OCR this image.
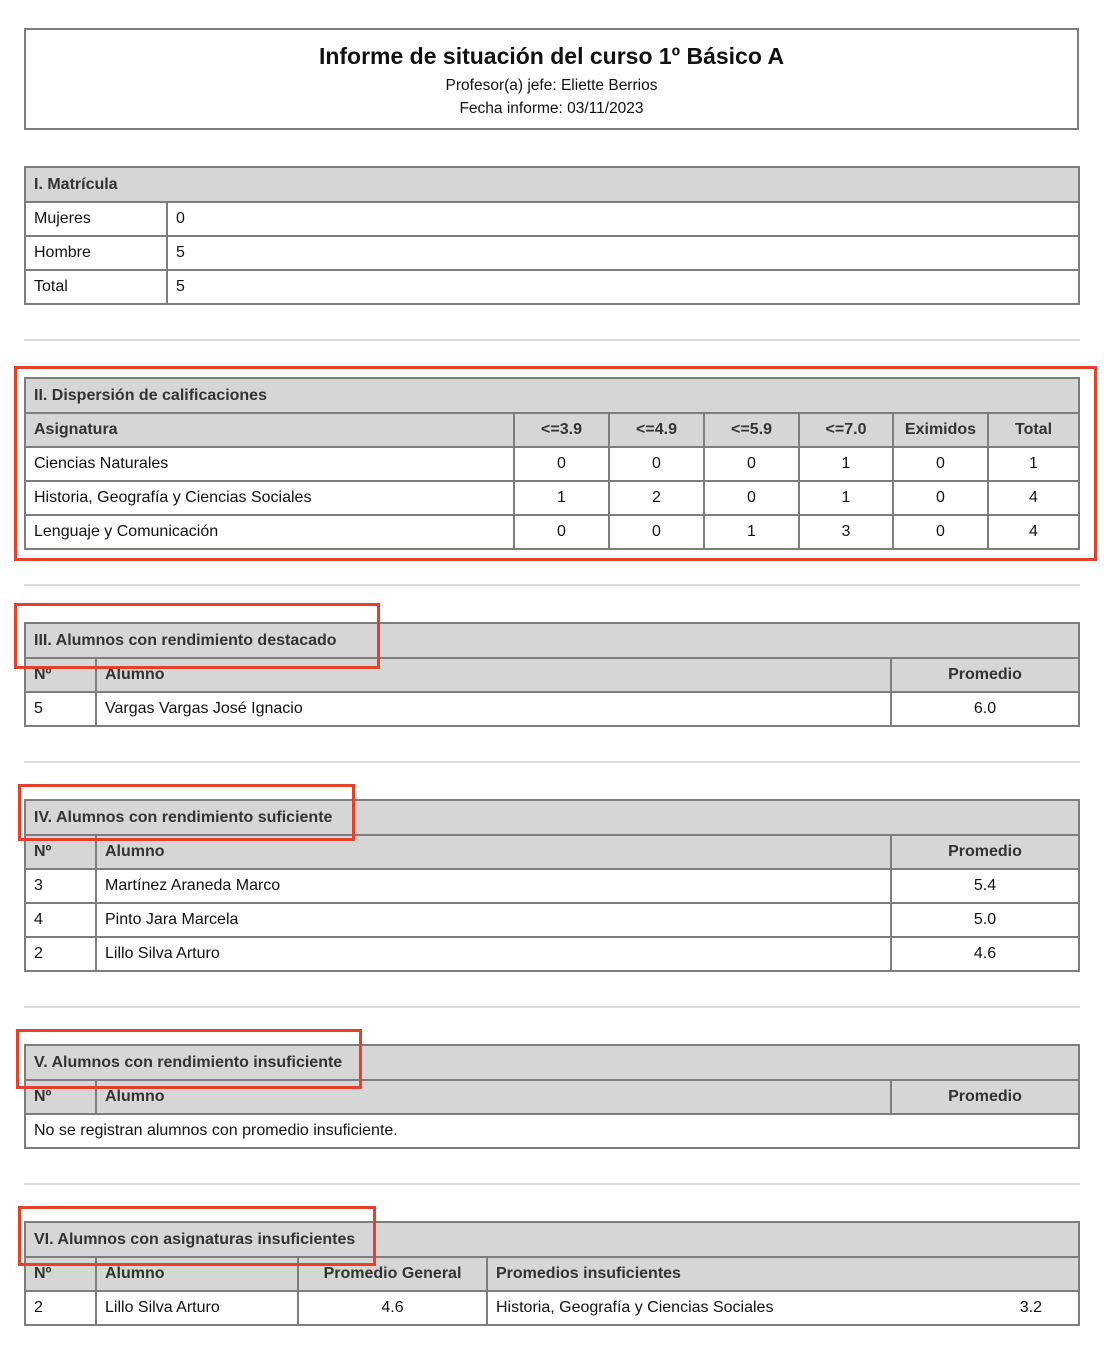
Informe de situación del curso 1º Básico A
Profesor(a) jefe: Eliette Berrios
Fecha informe: 03/11/2023
I. Matrícula	
Mujeres	0
Hombre	5
Total	5
II. Dispersión de calificaciones						
Asignatura	<=3.9	<=4.9	<=5.9	<=7.0	Eximidos	Total
Ciencias Naturales	0	0	0	1	0	1
Historia, Geografía y Ciencias Sociales	1	2	0	1	0	4
Lenguaje y Comunicación	0	0	1	3	0	4
III. Alumnos con rendimiento destacado		
Nº	Alumno	Promedio
5	Vargas Vargas José Ignacio	6.0
IV. Alumnos con rendimiento suficiente		
Nº	Alumno	Promedio
3	Martínez Araneda Marco	5.4
4	Pinto Jara Marcela	5.0
2	Lillo Silva Arturo	4.6
V. Alumnos con rendimiento insuficiente
Nº	Alumno	Promedio
No se registran alumnos con promedio insuficiente.
VI. Alumnos con asignaturas insuficientes			
Nº	Alumno	Promedio General	Promedios insuficientes
2	Lillo Silva Arturo	4.6	Historia, Geografía y Ciencias Sociales 3.2
